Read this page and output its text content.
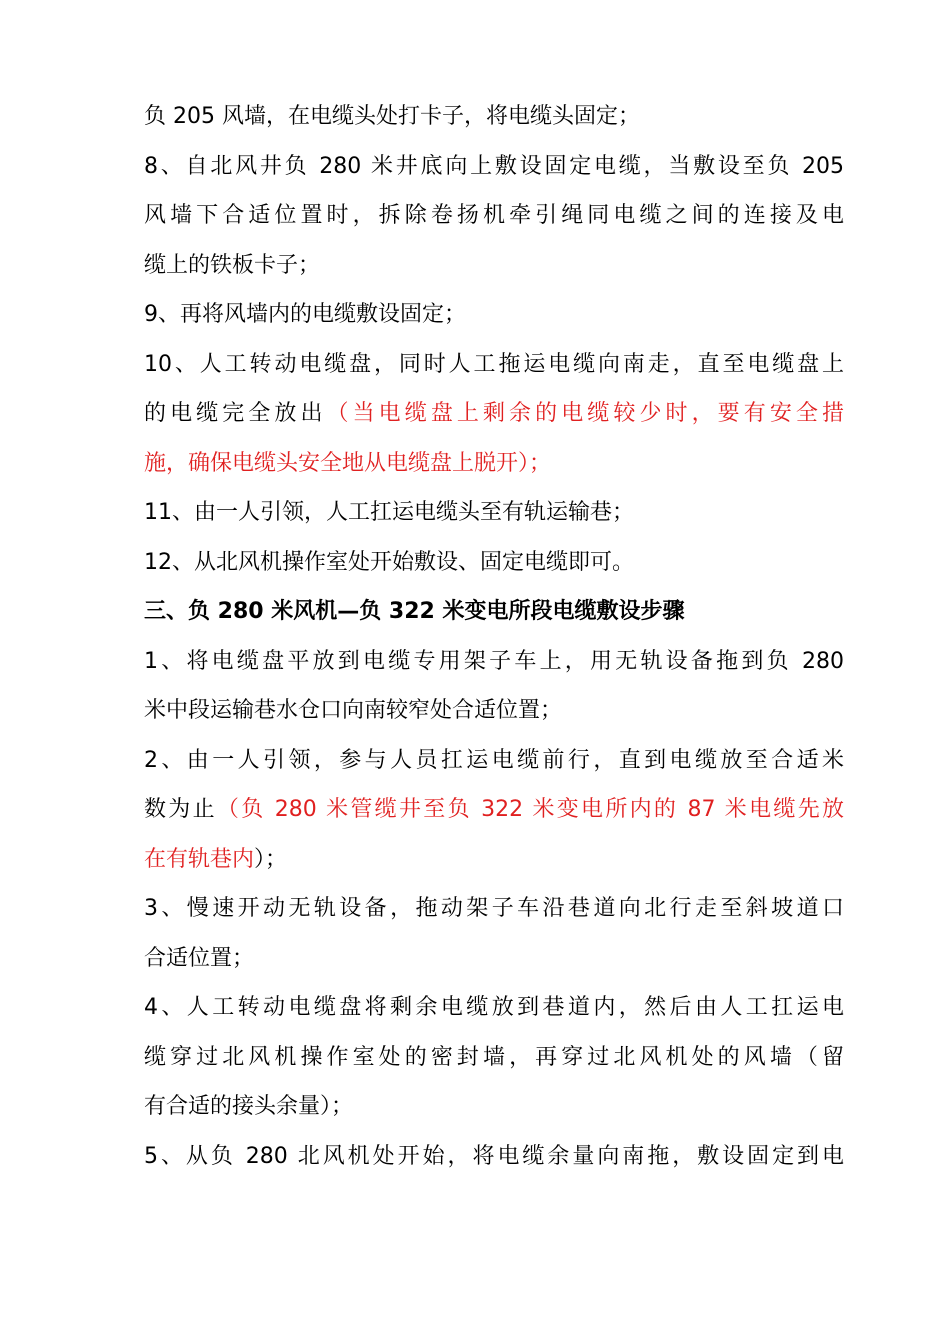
负 205 风墙，在电缆头处打卡子，将电缆头固定；
8、自北风井负 280 米井底向上敷设固定电缆，当敷设至负 205
风墙下合适位置时，拆除卷扬机牵引绳同电缆之间的连接及电
缆上的铁板卡子；
9、再将风墙内的电缆敷设固定；
10、人工转动电缆盘，同时人工拖运电缆向南走，直至电缆盘上
的电缆完全放出（当电缆盘上剩余的电缆较少时，要有安全措
施，确保电缆头安全地从电缆盘上脱开）；
11、由一人引领，人工扛运电缆头至有轨运输巷；
12、从北风机操作室处开始敷设、固定电缆即可。
三、负 280 米风机—负 322 米变电所段电缆敷设步骤
1、将电缆盘平放到电缆专用架子车上，用无轨设备拖到负 280
米中段运输巷水仓口向南较窄处合适位置；
2、由一人引领，参与人员扛运电缆前行，直到电缆放至合适米
数为止（负 280 米管缆井至负 322 米变电所内的 87 米电缆先放
在有轨巷内）；
3、慢速开动无轨设备，拖动架子车沿巷道向北行走至斜坡道口
合适位置；
4、人工转动电缆盘将剩余电缆放到巷道内，然后由人工扛运电
缆穿过北风机操作室处的密封墙，再穿过北风机处的风墙（留
有合适的接头余量）；
5、从负 280 北风机处开始，将电缆余量向南拖，敷设固定到电
